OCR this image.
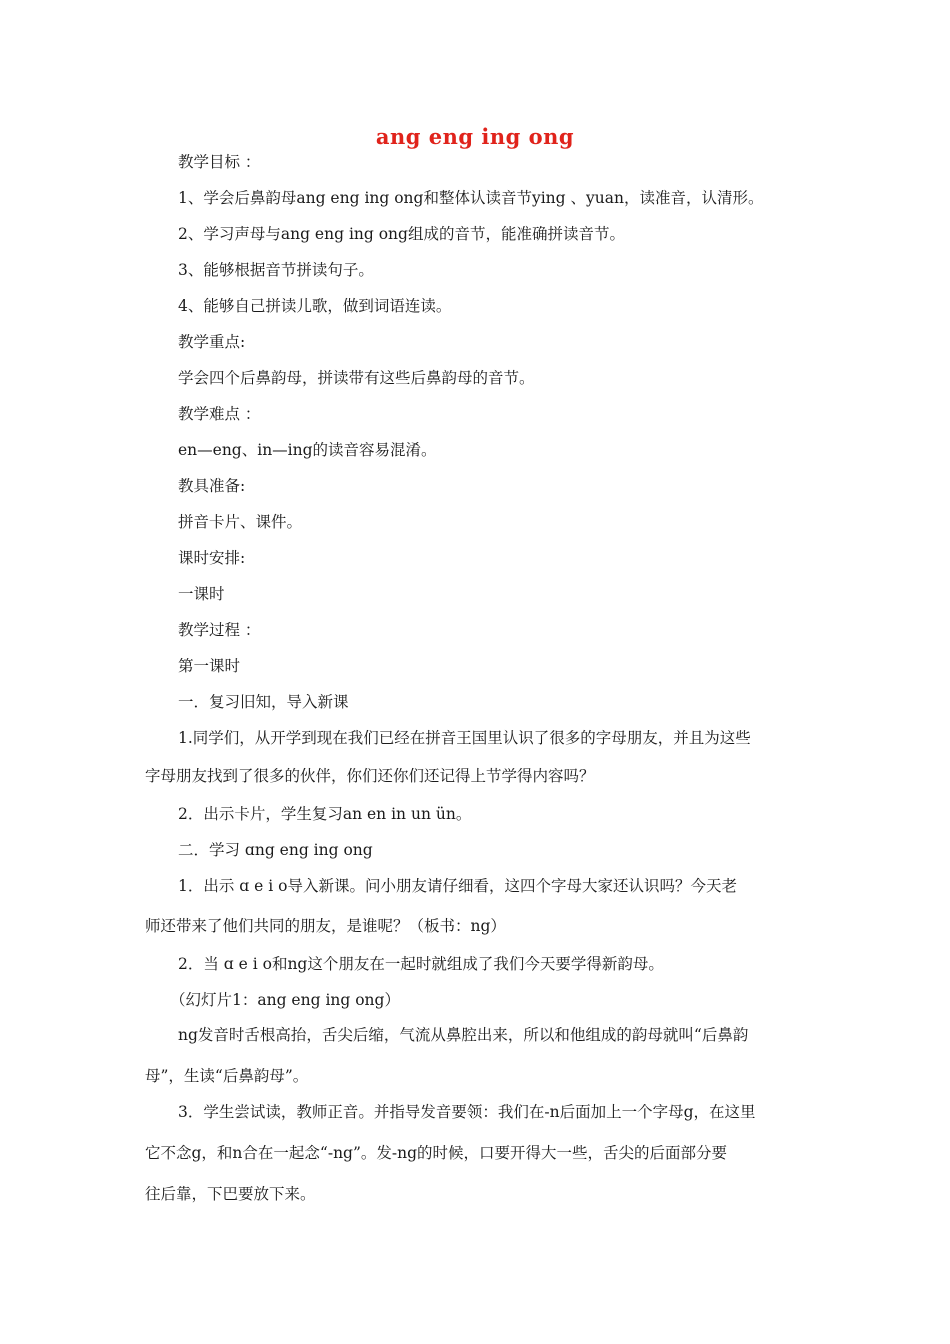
ang eng ing ong
教学目标 ：
1、学会后鼻韵母ang eng ing ong和整体认读音节ying 、yuan，读准音，认清形。
2、学习声母与ang eng ing ong组成的音节，能准确拼读音节。
3、能够根据音节拼读句子。
4、能够自己拼读儿歌，做到词语连读。
教学重点:
学会四个后鼻韵母，拼读带有这些后鼻韵母的音节。
教学难点 ：
en—eng、in—ing的读音容易混淆。
教具准备:
拼音卡片、课件。
课时安排:
一课时
教学过程 ：
第一课时
一．复习旧知，导入新课
1.同学们，从开学到现在我们已经在拼音王国里认识了很多的字母朋友，并且为这些
字母朋友找到了很多的伙伴，你们还你们还记得上节学得内容吗？
2．出示卡片，学生复习an en in un ün。
二．学习 ɑng eng ing ong
1．出示 ɑ e i o导入新课。问小朋友请仔细看，这四个字母大家还认识吗？今天老
师还带来了他们共同的朋友，是谁呢？（板书：ng）
2．当 ɑ e i o和ng这个朋友在一起时就组成了我们今天要学得新韵母。
（幻灯片1：ang eng ing ong）
ng发音时舌根高抬，舌尖后缩，气流从鼻腔出来，所以和他组成的韵母就叫“后鼻韵
母”，生读“后鼻韵母”。
3．学生尝试读，教师正音。并指导发音要领：我们在-n后面加上一个字母g，在这里
它不念g，和n合在一起念“-ng”。发-ng的时候，口要开得大一些，舌尖的后面部分要
往后靠，下巴要放下来。
